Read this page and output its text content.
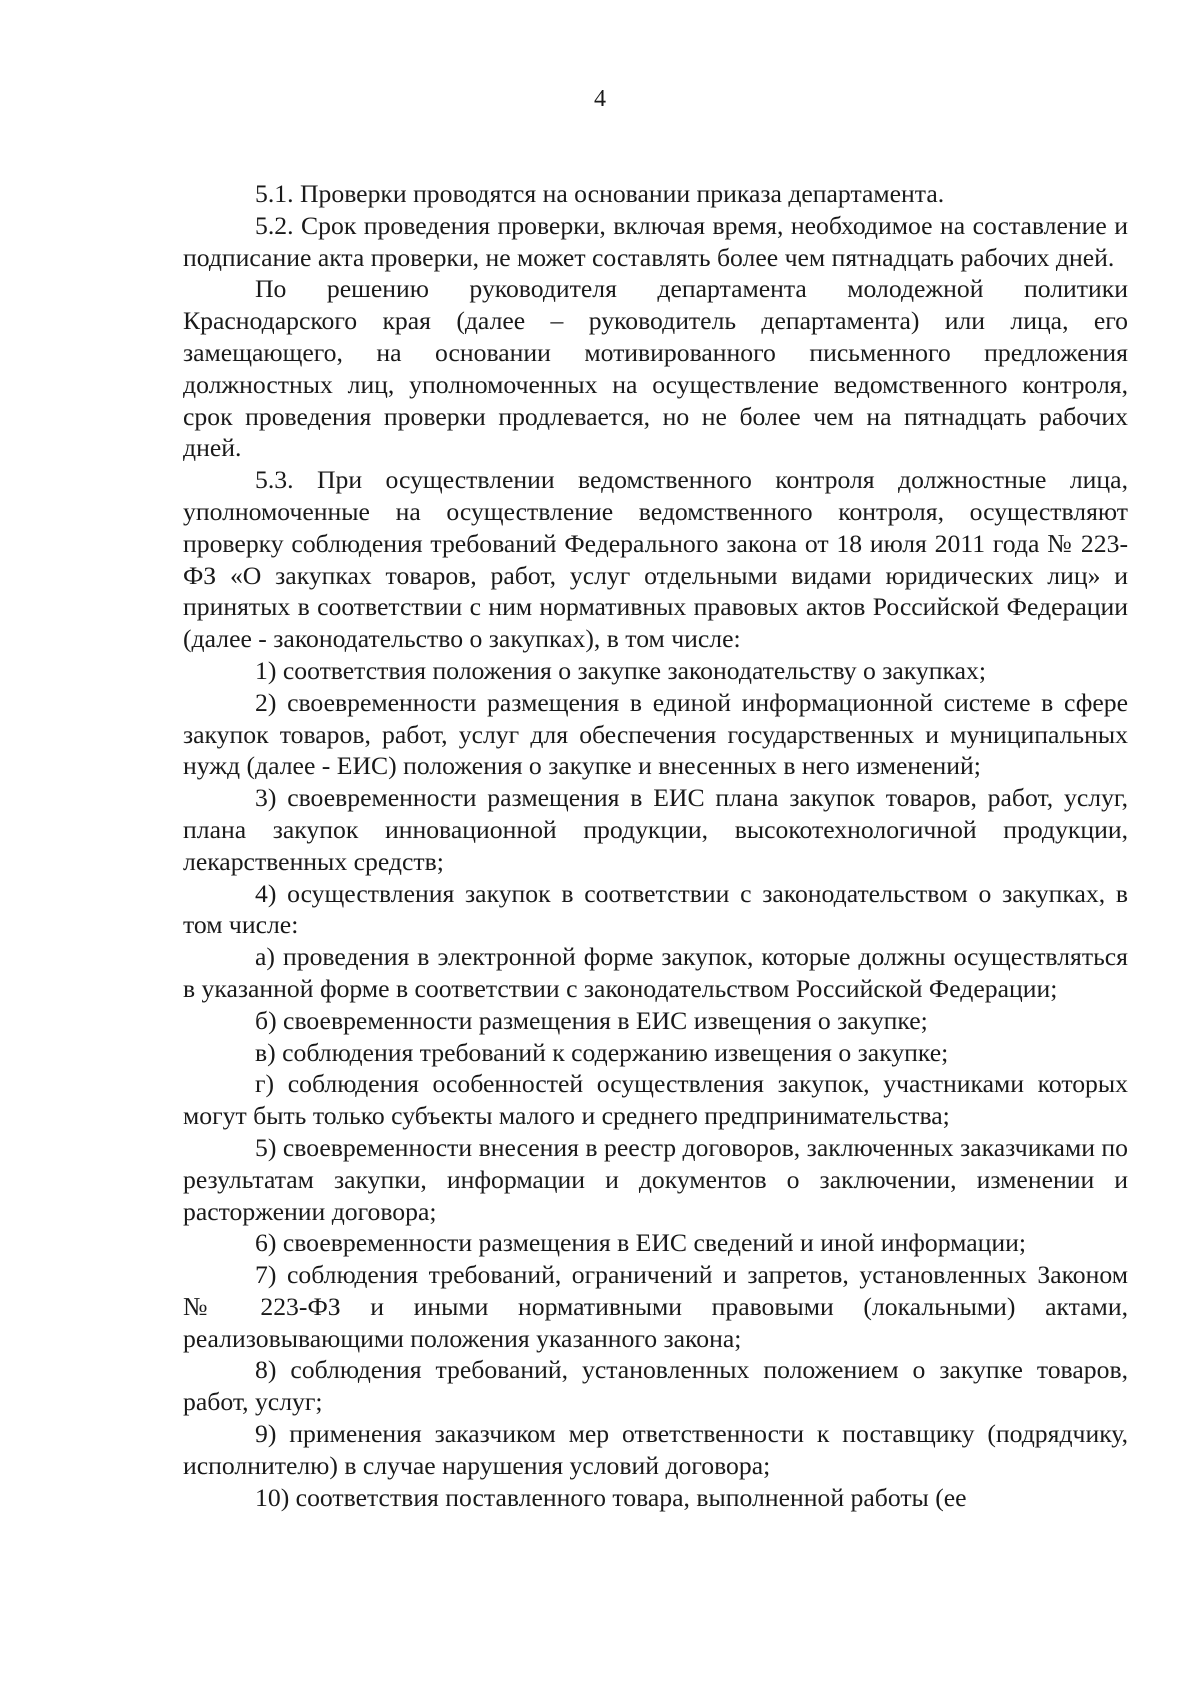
4

5.1. Проверки проводятся на основании приказа департамента.

5.2. Срок проведения проверки, включая время, необходимое на составление и подписание акта проверки, не может составлять более чем пятнадцать рабочих дней.

По решению руководителя департамента молодежной политики Краснодарского края (далее – руководитель департамента) или лица, его замещающего, на основании мотивированного письменного предложения должностных лиц, уполномоченных на осуществление ведомственного контроля, срок проведения проверки продлевается, но не более чем на пятнадцать рабочих дней.

5.3. При осуществлении ведомственного контроля должностные лица, уполномоченные на осуществление ведомственного контроля, осуществляют проверку соблюдения требований Федерального закона от 18 июля 2011 года № 223-ФЗ «О закупках товаров, работ, услуг отдельными видами юридических лиц» и принятых в соответствии с ним нормативных правовых актов Российской Федерации (далее - законодательство о закупках), в том числе:

1) соответствия положения о закупке законодательству о закупках;

2) своевременности размещения в единой информационной системе в сфере закупок товаров, работ, услуг для обеспечения государственных и муниципальных нужд (далее - ЕИС) положения о закупке и внесенных в него изменений;

3) своевременности размещения в ЕИС плана закупок товаров, работ, услуг, плана закупок инновационной продукции, высокотехнологичной продукции, лекарственных средств;

4) осуществления закупок в соответствии с законодательством о закупках, в том числе:

а) проведения в электронной форме закупок, которые должны осуществляться в указанной форме в соответствии с законодательством Российской Федерации;

б) своевременности размещения в ЕИС извещения о закупке;

в) соблюдения требований к содержанию извещения о закупке;

г) соблюдения особенностей осуществления закупок, участниками которых могут быть только субъекты малого и среднего предпринимательства;

5) своевременности внесения в реестр договоров, заключенных заказчиками по результатам закупки, информации и документов о заключении, изменении и расторжении договора;

6) своевременности размещения в ЕИС сведений и иной информации;

7) соблюдения требований, ограничений и запретов, установленных Законом № 223-ФЗ и иными нормативными правовыми (локальными) актами, реализовывающими положения указанного закона;

8) соблюдения требований, установленных положением о закупке товаров, работ, услуг;

9) применения заказчиком мер ответственности к поставщику (подрядчику, исполнителю) в случае нарушения условий договора;

10) соответствия поставленного товара, выполненной работы (ее
